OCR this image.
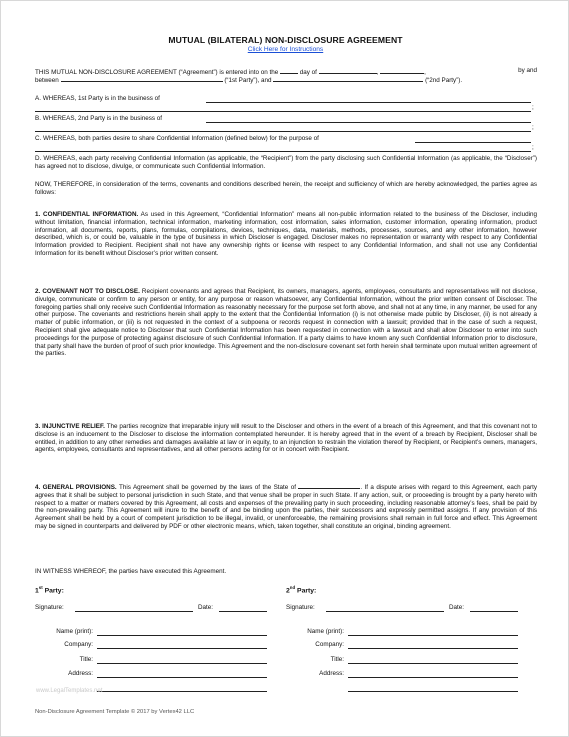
MUTUAL (BILATERAL) NON-DISCLOSURE AGREEMENT
Click Here for Instructions
THIS MUTUAL NON-DISCLOSURE AGREEMENT (“Agreement”) is entered into on the	day of	,	,	by and
between	(“1st Party”), and	(“2nd Party”).
A. WHEREAS, 1st Party is in the business of
;
B. WHEREAS, 2nd Party is in the business of
;
C. WHEREAS, both parties desire to share Confidential Information (defined below) for the purpose of
;
D. WHEREAS, each party receiving Confidential Information (as applicable, the “Recipient”) from the party disclosing such Confidential Information (as applicable, the “Discloser”) has agreed not to disclose, divulge, or communicate such Confidential Information.
NOW, THEREFORE, in consideration of the terms, covenants and conditions described herein, the receipt and sufficiency of which are hereby acknowledged, the parties agree as follows:
1. CONFIDENTIAL INFORMATION. As used in this Agreement, “Confidential Information” means all non-public information related to the business of the Discloser, including without limitation, financial information, technical information, marketing information, cost information, sales information, customer information, operating information, product information, all documents, reports, plans, formulas, compilations, devices, techniques, data, materials, methods, processes, sources, and any other information, however described, which is, or could be, valuable in the type of business in which Discloser is engaged. Discloser makes no representation or warranty with respect to any Confidential Information provided to Recipient. Recipient shall not have any ownership rights or license with respect to any Confidential Information, and shall not use any Confidential Information for its benefit without Discloser’s prior written consent.
2. COVENANT NOT TO DISCLOSE. Recipient covenants and agrees that Recipient, its owners, managers, agents, employees, consultants and representatives will not disclose, divulge, communicate or confirm to any person or entity, for any purpose or reason whatsoever, any Confidential Information, without the prior written consent of Discloser. The foregoing parties shall only receive such Confidential Information as reasonably necessary for the purpose set forth above, and shall not at any time, in any manner, be used for any other purpose. The covenants and restrictions herein shall apply to the extent that the Confidential Information (i) is not otherwise made public by Discloser, (ii) is not already a matter of public information, or (iii) is not requested in the context of a subpoena or records request in connection with a lawsuit; provided that in the case of such a request, Recipient shall give adequate notice to Discloser that such Confidential Information has been requested in connection with a lawsuit and shall allow Discloser to enter into such proceedings for the purpose of protecting against disclosure of such Confidential Information. If a party claims to have known any such Confidential Information prior to disclosure, that party shall have the burden of proof of such prior knowledge. This Agreement and the non-disclosure covenant set forth herein shall terminate upon mutual written agreement of the parties.
3. INJUNCTIVE RELIEF. The parties recognize that irreparable injury will result to the Discloser and others in the event of a breach of this Agreement, and that this covenant not to disclose is an inducement to the Discloser to disclose the information contemplated hereunder. It is hereby agreed that in the event of a breach by Recipient, Discloser shall be entitled, in addition to any other remedies and damages available at law or in equity, to an injunction to restrain the violation thereof by Recipient, or Recipient’s owners, managers, agents, employees, consultants and representatives, and all other persons acting for or in concert with Recipient.
4. GENERAL PROVISIONS. This Agreement shall be governed by the laws of the State of	. If a dispute arises with regard to this Agreement, each party agrees that it shall be subject to personal jurisdiction in such State, and that venue shall be proper in such State. If any action, suit, or proceeding is brought by a party hereto with respect to a matter or matters covered by this Agreement, all costs and expenses of the prevailing party in such proceeding, including reasonable attorney’s fees, shall be paid by the non-prevailing party. This Agreement will inure to the benefit of and be binding upon the parties, their successors and expressly permitted assigns. If any provision of this Agreement shall be held by a court of competent jurisdiction to be illegal, invalid, or unenforceable, the remaining provisions shall remain in full force and effect. This Agreement may be signed in counterparts and delivered by PDF or other electronic means, which, taken together, shall constitute an original, binding agreement.
IN WITNESS WHEREOF, the parties have executed this Agreement.
1st Party:	2nd Party:
Signature:	Date:
Name (print):
Company:
Title:
Address:
Signature:	Date:
Name (print):
Company:
Title:
Address:
www.LegalTemplates.net
Non-Disclosure Agreement Template © 2017 by Vertex42 LLC
